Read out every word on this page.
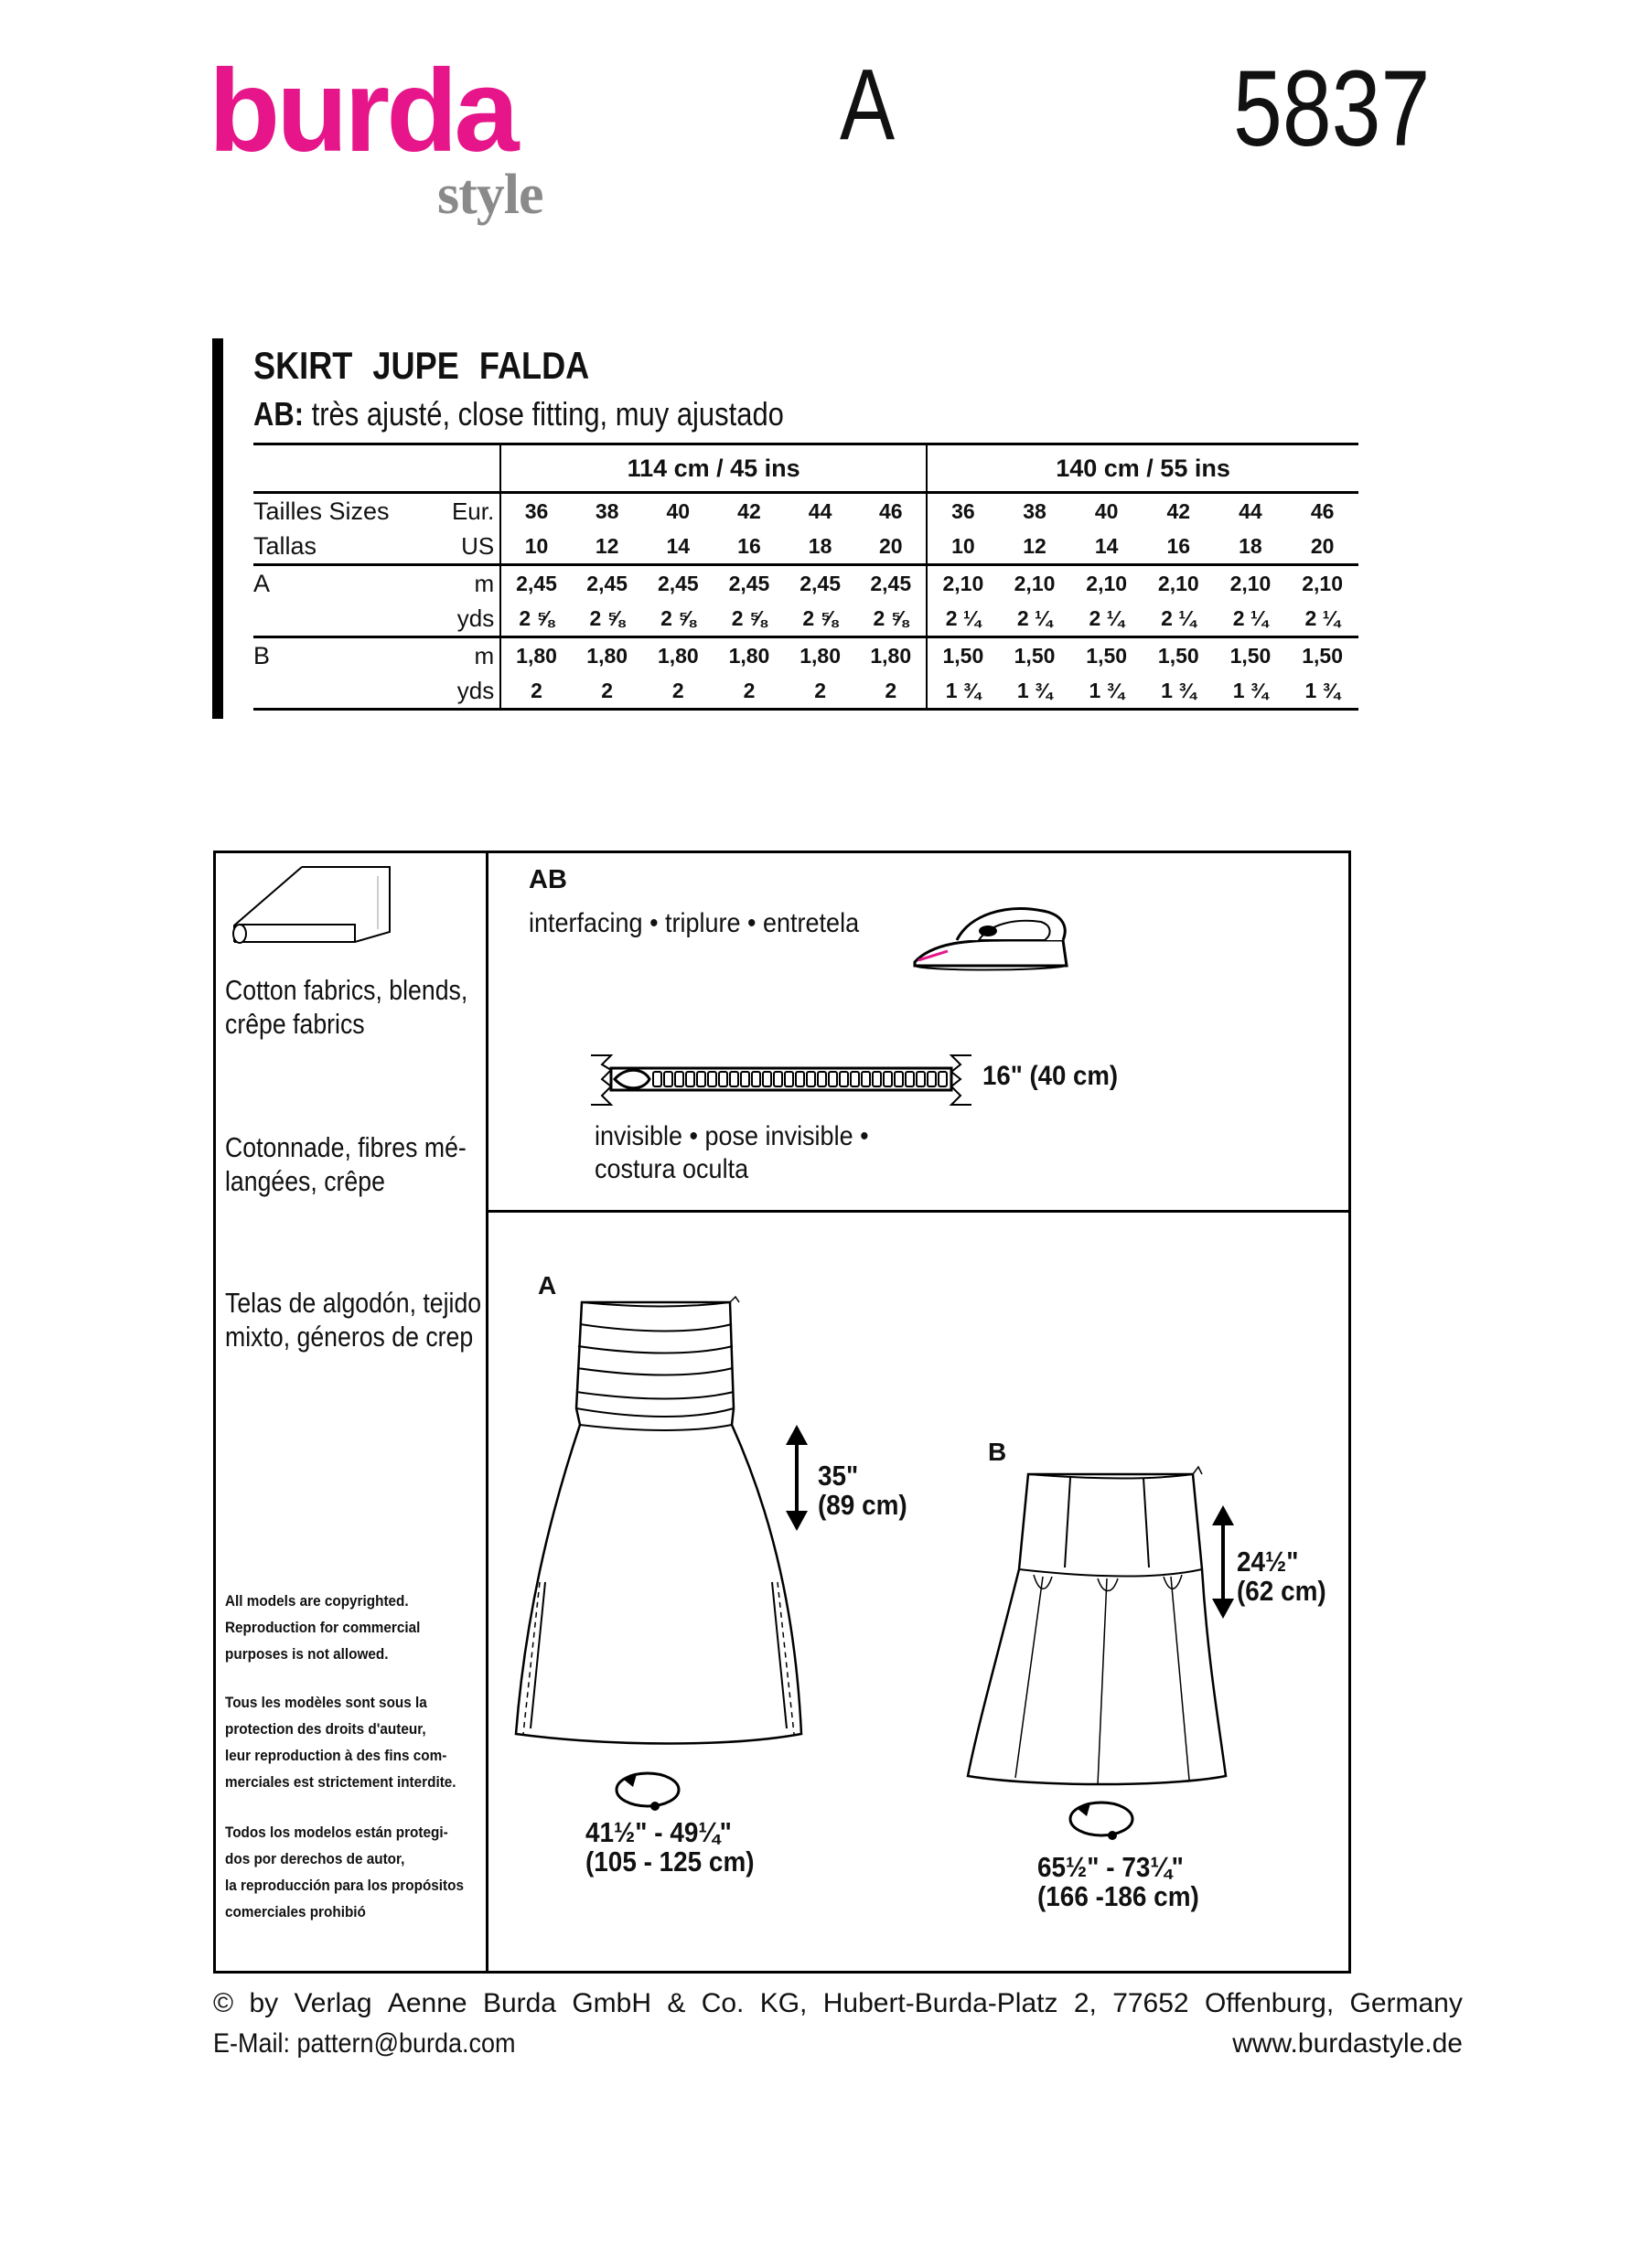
burda
style
A	5837
SKIRT JUPE FALDA
AB: très ajusté, close fitting, muy ajustado
		114 cm / 45 ins						140 cm / 55 ins					
Tailles Sizes	Eur.	36	38	40	42	44	46	36	38	40	42	44	46
Tallas	US	10	12	14	16	18	20	10	12	14	16	18	20
A	m	2,45	2,45	2,45	2,45	2,45	2,45	2,10	2,10	2,10	2,10	2,10	2,10
	yds	2 ⅝	2 ⅝	2 ⅝	2 ⅝	2 ⅝	2 ⅝	2 ¼	2 ¼	2 ¼	2 ¼	2 ¼	2 ¼
B	m	1,80	1,80	1,80	1,80	1,80	1,80	1,50	1,50	1,50	1,50	1,50	1,50
	yds	2	2	2	2	2	2	1 ¾	1 ¾	1 ¾	1 ¾	1 ¾	1 ¾
Cotton fabrics, blends,
crêpe fabrics
Cotonnade, fibres mé-
langées, crêpe
Telas de algodón, tejido
mixto, géneros de crep
All models are copyrighted.
Reproduction for commercial
purposes is not allowed.
Tous les modèles sont sous la
protection des droits d'auteur,
leur reproduction à des fins com-
merciales est strictement interdite.
Todos los modelos están protegi-
dos por derechos de autor,
la reproducción para los propósitos
comerciales prohibió
AB
interfacing • triplure • entretela
16" (40 cm)
invisible • pose invisible •
costura oculta
A
35"
(89 cm)
41½" - 49¼"
(105 - 125 cm)
B
24½"
(62 cm)
65½" - 73¼"
(166 -186 cm)
© by Verlag Aenne Burda GmbH & Co. KG, Hubert-Burda-Platz 2, 77652 Offenburg, Germany
E-Mail: pattern@burda.com	www.burdastyle.de
